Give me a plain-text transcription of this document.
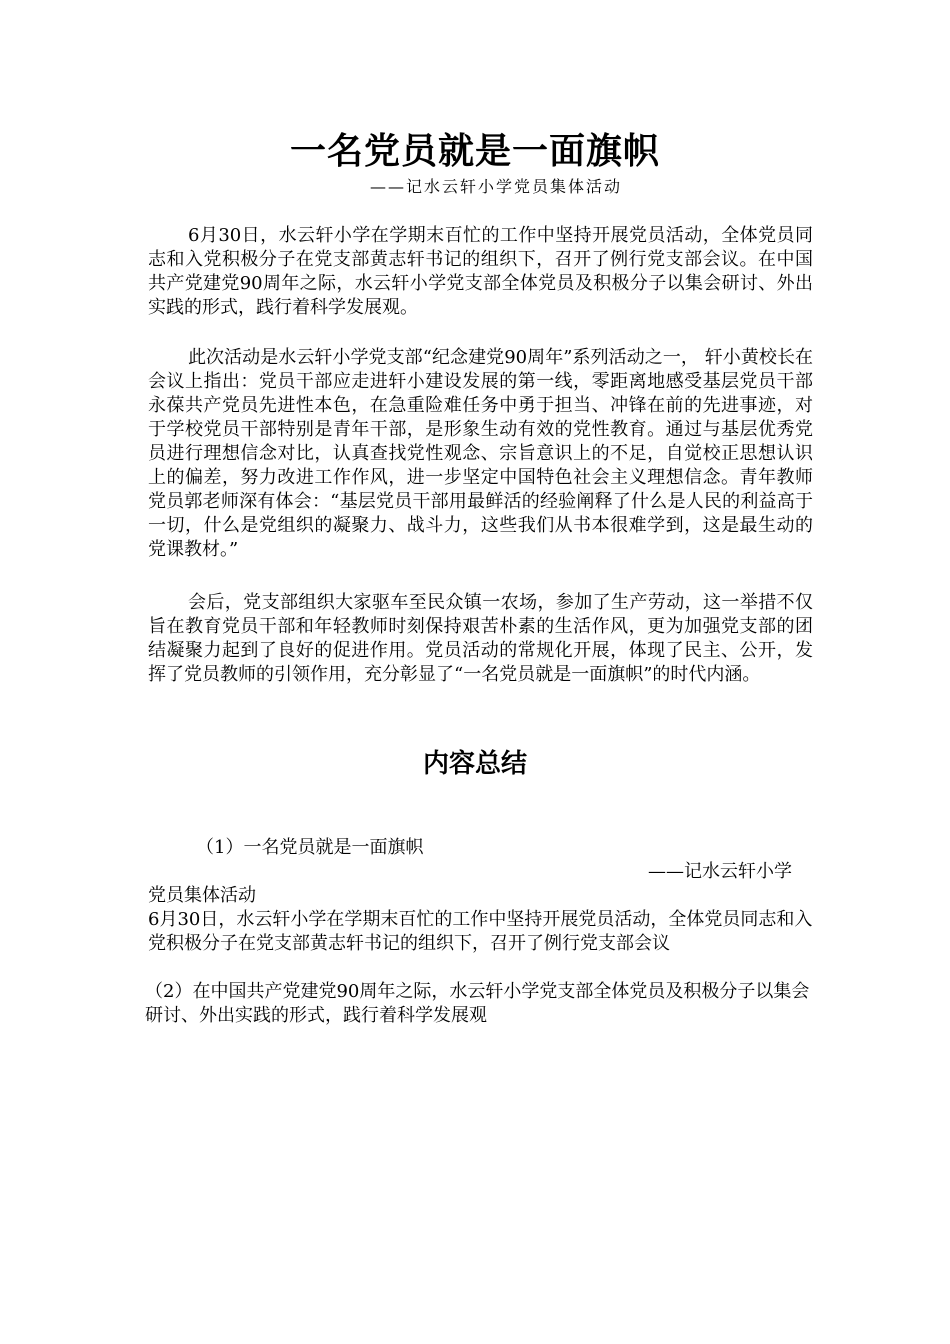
一名党员就是一面旗帜
——记水云轩小学党员集体活动

6月30日，水云轩小学在学期末百忙的工作中坚持开展党员活动，全体党员同志和入党积极分子在党支部黄志轩书记的组织下，召开了例行党支部会议。在中国共产党建党90周年之际，水云轩小学党支部全体党员及积极分子以集会研讨、外出实践的形式，践行着科学发展观。

此次活动是水云轩小学党支部“纪念建党90周年”系列活动之一， 轩小黄校长在会议上指出：党员干部应走进轩小建设发展的第一线，零距离地感受基层党员干部永葆共产党员先进性本色，在急重险难任务中勇于担当、冲锋在前的先进事迹，对于学校党员干部特别是青年干部，是形象生动有效的党性教育。通过与基层优秀党员进行理想信念对比，认真查找党性观念、宗旨意识上的不足，自觉校正思想认识上的偏差，努力改进工作作风，进一步坚定中国特色社会主义理想信念。青年教师党员郭老师深有体会：“基层党员干部用最鲜活的经验阐释了什么是人民的利益高于一切，什么是党组织的凝聚力、战斗力，这些我们从书本很难学到，这是最生动的党课教材。”

会后，党支部组织大家驱车至民众镇一农场，参加了生产劳动，这一举措不仅旨在教育党员干部和年轻教师时刻保持艰苦朴素的生活作风，更为加强党支部的团结凝聚力起到了良好的促进作用。党员活动的常规化开展，体现了民主、公开，发挥了党员教师的引领作用，充分彰显了“一名党员就是一面旗帜”的时代内涵。

内容总结
（1）一名党员就是一面旗帜
——记水云轩小学

党员集体活动

6月30日，水云轩小学在学期末百忙的工作中坚持开展党员活动，全体党员同志和入党积极分子在党支部黄志轩书记的组织下，召开了例行党支部会议

（2）在中国共产党建党90周年之际，水云轩小学党支部全体党员及积极分子以集会研讨、外出实践的形式，践行着科学发展观
